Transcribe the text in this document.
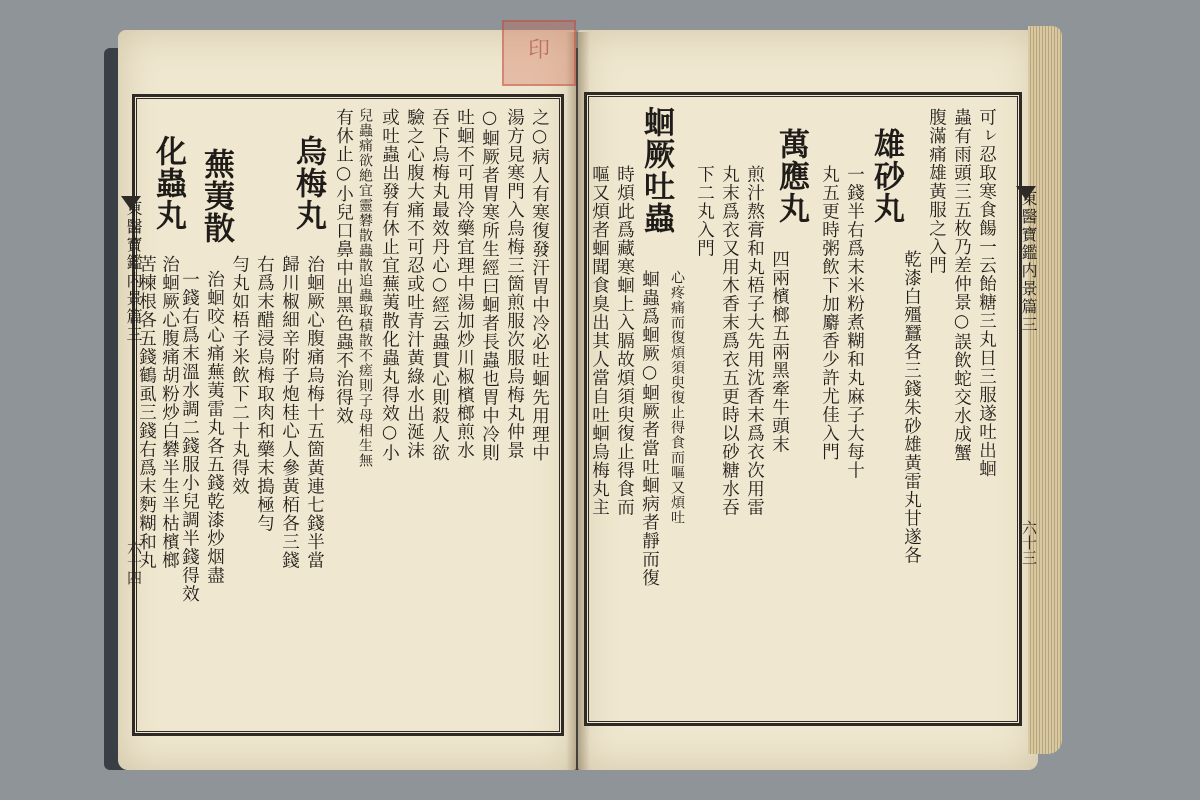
印
東醫寶鑑内景篇三
六十四
東醫寶鑑内景篇三
六十三
可ㇾ忍取寒食餳一云飴糖三丸日三服遂吐出蛔
蟲有雨頭三五枚乃差仲景○誤飲蛇交水成蟹
腹滿痛雄黃服之入門
雄砂丸
乾漆白殭蠶各三錢朱砂雄黃雷丸甘遂各
一錢半右爲末米粉煮糊和丸麻子大每十
丸五更時粥飲下加麝香少許尤佳入門
萬應丸
四兩檳榔五兩黑牽牛頭末
煎汁熬膏和丸梧子大先用沈香末爲衣次用雷
丸末爲衣又用木香末爲衣五更時以砂糖水吞
下二丸入門
蛔厥吐蟲
心疼痛而復煩須臾復止得食而嘔又煩吐
蛔蟲爲蛔厥○蛔厥者當吐蛔病者靜而復
時煩此爲藏寒蛔上入膈故煩須臾復止得食而
嘔又煩者蛔聞食臭出其人當自吐蛔烏梅丸主
之○病人有寒復發汗胃中冷必吐蛔先用理中
湯方見寒門入烏梅三箇煎服次服烏梅丸仲景
○蛔厥者胃寒所生經曰蛔者長蟲也胃中冷則
吐蛔不可用冷藥宜理中湯加炒川椒檳榔煎水
吞下烏梅丸最效丹心○經云蟲貫心則殺人欲
驗之心腹大痛不可忍或吐青汁黃綠水出涎沫
或吐蟲出發有休止宜蕪荑散化蟲丸得效○小
兒蟲痛欲絶宜靈礬散蟲散追蟲取積散不瘥則子母相生無
有休止○小兒口鼻中出黑色蟲不治得效
烏梅丸
治蛔厥心腹痛烏梅十五箇黃連七錢半當
歸川椒細辛附子炮桂心人參黃栢各三錢
右爲末醋浸烏梅取肉和藥末搗極勻
勻丸如梧子米飲下二十丸得效
蕪荑散
治蛔咬心痛蕪荑雷丸各五錢乾漆炒烟盡
一錢右爲末溫水調二錢服小兒調半錢得效
化蟲丸
治蛔厥心腹痛胡粉炒白礬半生半枯檳榔
苦楝根各五錢鶴虱三錢右爲末麪糊和丸
